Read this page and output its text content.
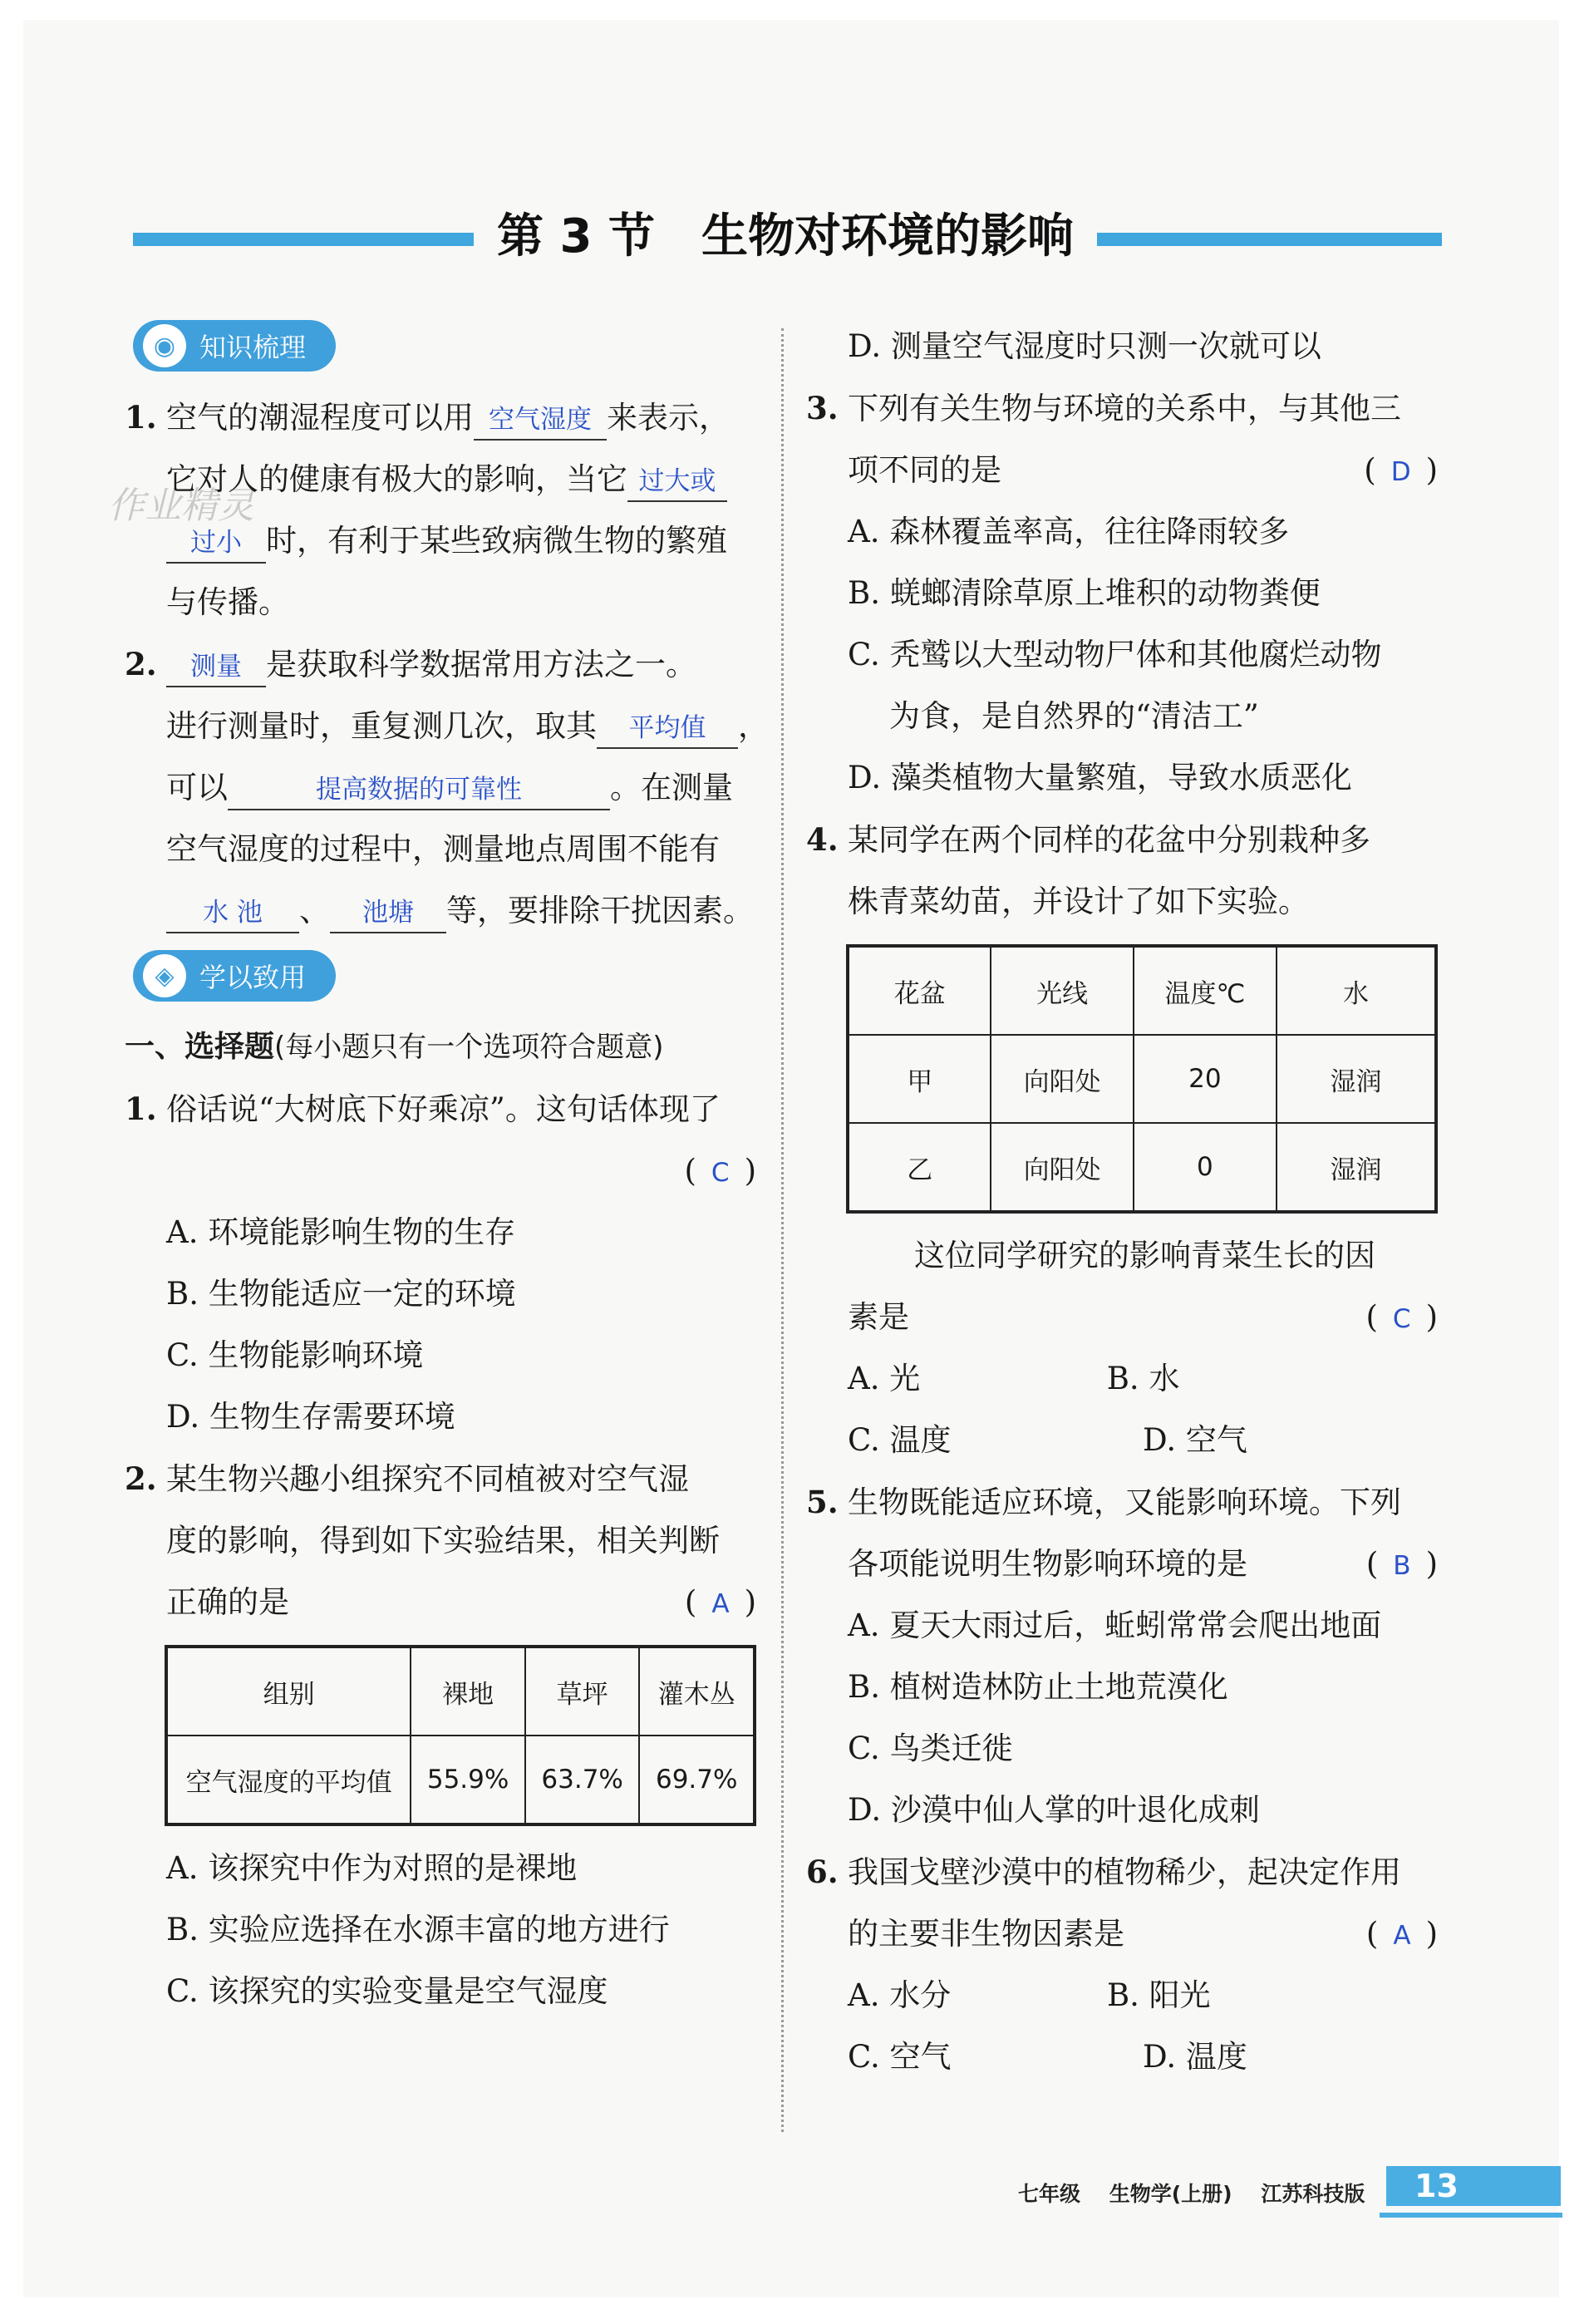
作业精灵
第 3 节　生物对环境的影响
◉ 知识梳理
1. 空气的潮湿程度可以用 空气湿度 来表示，
它对人的健康有极大的影响，当它 过大或
过小 时，有利于某些致病微生物的繁殖
与传播。
2. 测量 是获取科学数据常用方法之一。
进行测量时，重复测几次，取其 平均值 ，
可以	提高数据的可靠性	。在测量
空气湿度的过程中，测量地点周围不能有
水 池 、 池塘 等，要排除干扰因素。
◈ 学以致用
一、选择题(每小题只有一个选项符合题意)
1. 俗话说“大树底下好乘凉”。这句话体现了
( C )

A. 环境能影响生物的生存
B. 生物能适应一定的环境
C. 生物能影响环境
D. 生物生存需要环境
2. 某生物兴趣小组探究不同植被对空气湿
度的影响，得到如下实验结果，相关判断
正确的是	( A )
组别	裸地	草坪	灌木丛
空气湿度的平均值	55.9%	63.7%	69.7%
A. 该探究中作为对照的是裸地
B. 实验应选择在水源丰富的地方进行
C. 该探究的实验变量是空气湿度
D. 测量空气湿度时只测一次就可以
3. 下列有关生物与环境的关系中，与其他三
项不同的是	( D )
A. 森林覆盖率高，往往降雨较多
B. 蜣螂清除草原上堆积的动物粪便
C. 秃鹫以大型动物尸体和其他腐烂动物
为食，是自然界的“清洁工”
D. 藻类植物大量繁殖，导致水质恶化
4. 某同学在两个同样的花盆中分别栽种多
株青菜幼苗，并设计了如下实验。
花盆	光线	温度℃	水
甲	向阳处	20	湿润
乙	向阳处	0	湿润
这位同学研究的影响青菜生长的因
素是	( C )
A. 光	B. 水
C. 温度	D. 空气
5. 生物既能适应环境，又能影响环境。下列
各项能说明生物影响环境的是	( B )
A. 夏天大雨过后，蚯蚓常常会爬出地面
B. 植树造林防止土地荒漠化
C. 鸟类迁徙
D. 沙漠中仙人掌的叶退化成刺
6. 我国戈壁沙漠中的植物稀少，起决定作用
的主要非生物因素是	( A )
A. 水分	B. 阳光
C. 空气	D. 温度
七年级 生物学(上册) 江苏科技版	13
